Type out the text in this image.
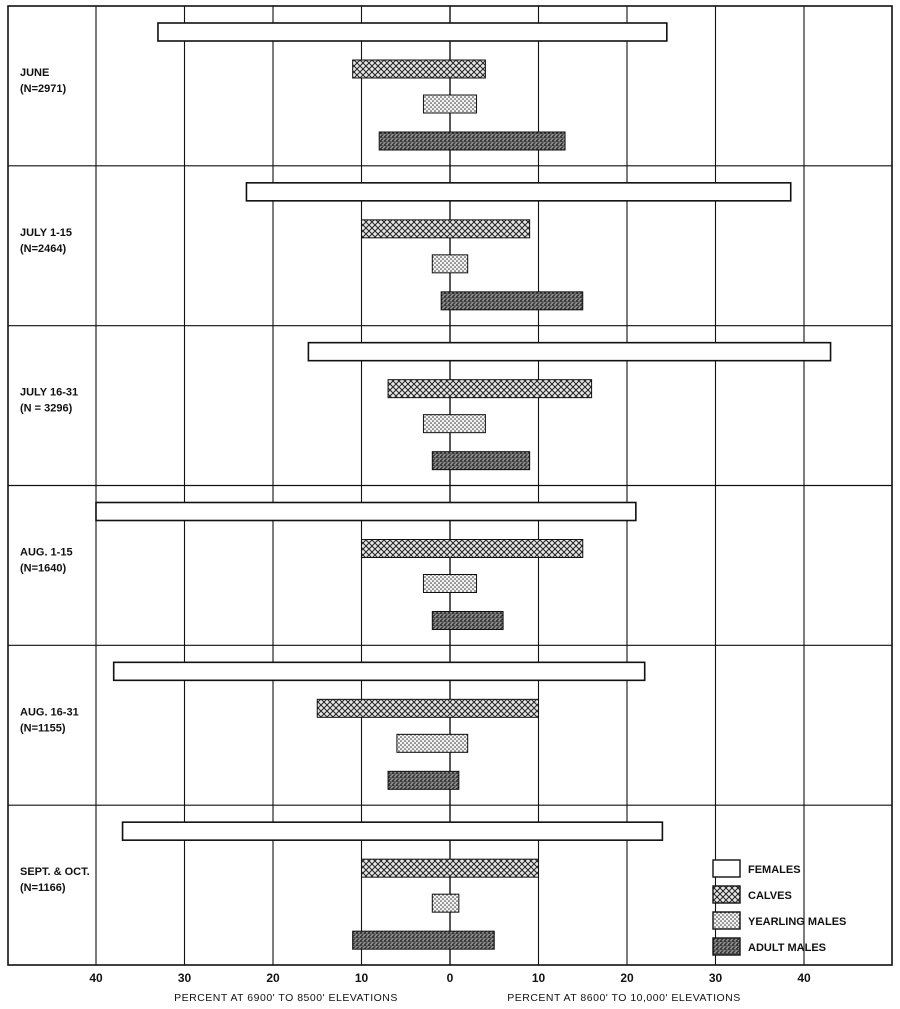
JUNE
(N=2971)
JULY 1-15
(N=2464)
JULY 16-31
(N = 3296)
AUG. 1-15
(N=1640)
AUG. 16-31
(N=1155)
SEPT. & OCT.
(N=1166)
40	30	20	10	0	10	20	30	40
PERCENT AT 6900' TO 8500' ELEVATIONS	PERCENT AT 8600' TO 10,000' ELEVATIONS
FEMALES
CALVES
YEARLING MALES
ADULT MALES
